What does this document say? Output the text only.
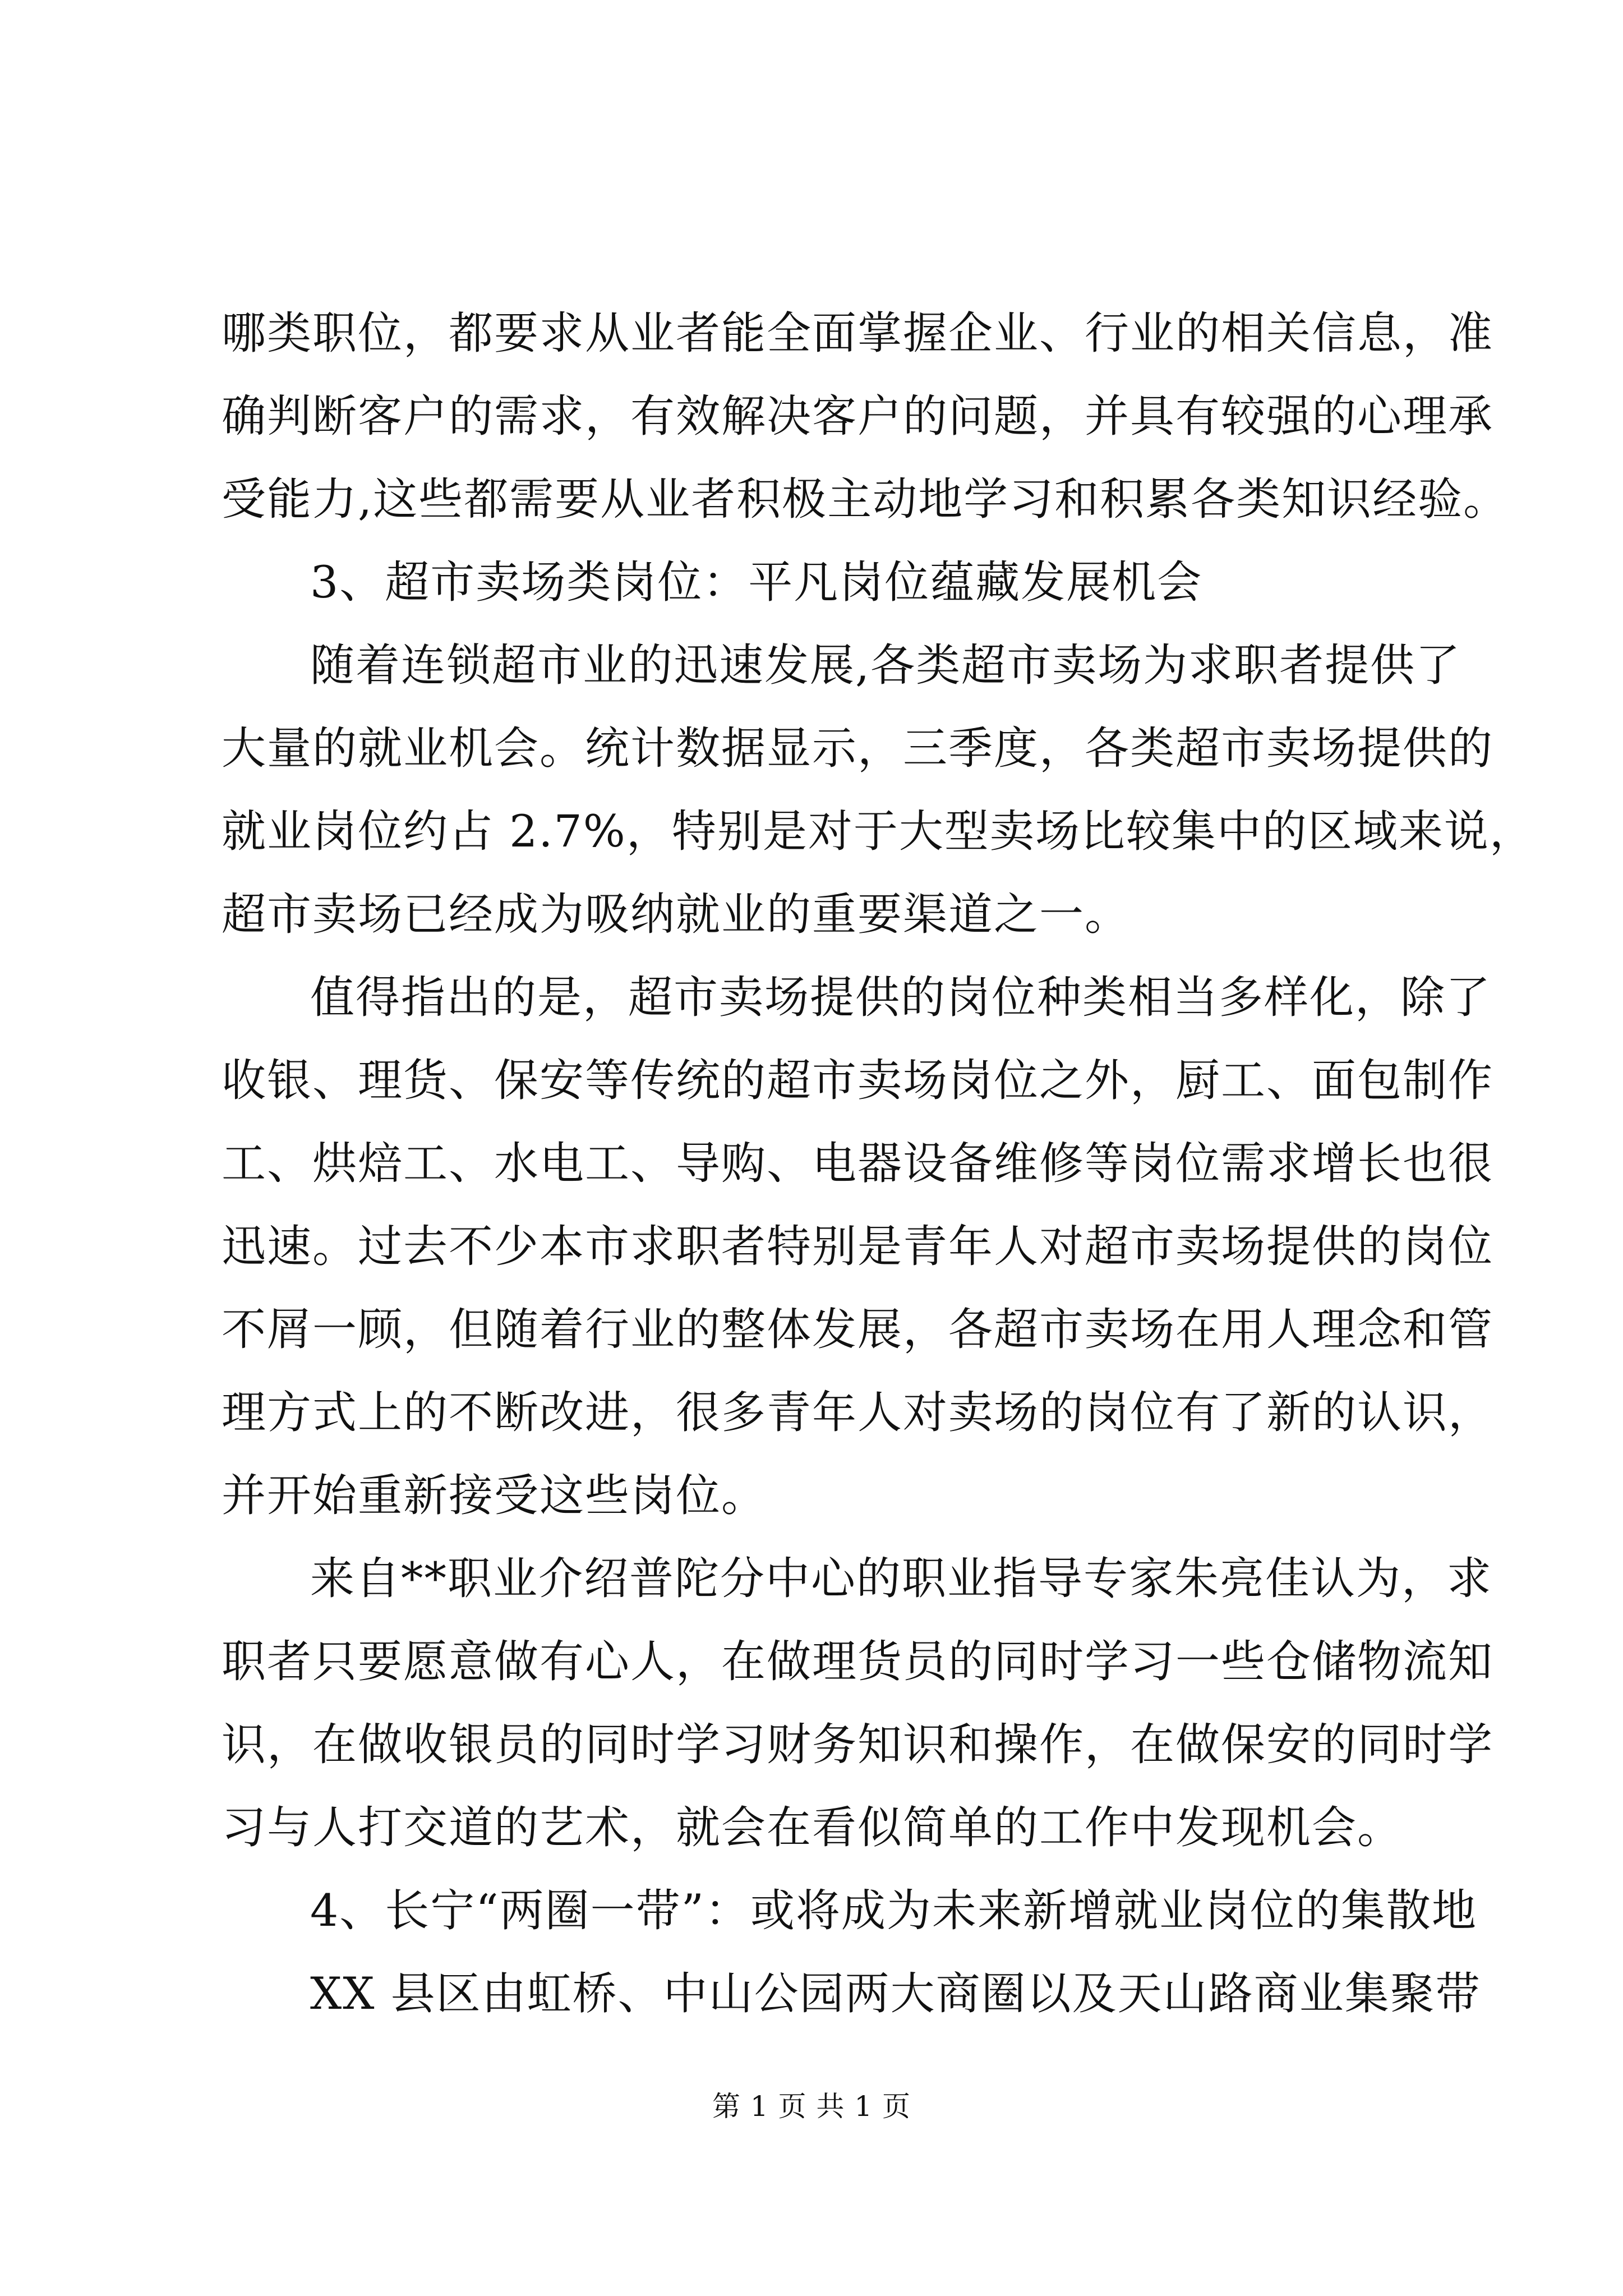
哪类职位，都要求从业者能全面掌握企业、行业的相关信息，准
确判断客户的需求，有效解决客户的问题，并具有较强的心理承
受能力,这些都需要从业者积极主动地学习和积累各类知识经验。
3、超市卖场类岗位：平凡岗位蕴藏发展机会
随着连锁超市业的迅速发展,各类超市卖场为求职者提供了
大量的就业机会。统计数据显示，三季度，各类超市卖场提供的
就业岗位约占 2.7%，特别是对于大型卖场比较集中的区域来说，
超市卖场已经成为吸纳就业的重要渠道之一。
值得指出的是，超市卖场提供的岗位种类相当多样化，除了
收银、理货、保安等传统的超市卖场岗位之外，厨工、面包制作
工、烘焙工、水电工、导购、电器设备维修等岗位需求增长也很
迅速。过去不少本市求职者特别是青年人对超市卖场提供的岗位
不屑一顾，但随着行业的整体发展，各超市卖场在用人理念和管
理方式上的不断改进，很多青年人对卖场的岗位有了新的认识，
并开始重新接受这些岗位。
来自**职业介绍普陀分中心的职业指导专家朱亮佳认为，求
职者只要愿意做有心人，在做理货员的同时学习一些仓储物流知
识，在做收银员的同时学习财务知识和操作，在做保安的同时学
习与人打交道的艺术，就会在看似简单的工作中发现机会。
4、长宁“两圈一带”：或将成为未来新增就业岗位的集散地
XX 县区由虹桥、中山公园两大商圈以及天山路商业集聚带
第 1 页 共 1 页
